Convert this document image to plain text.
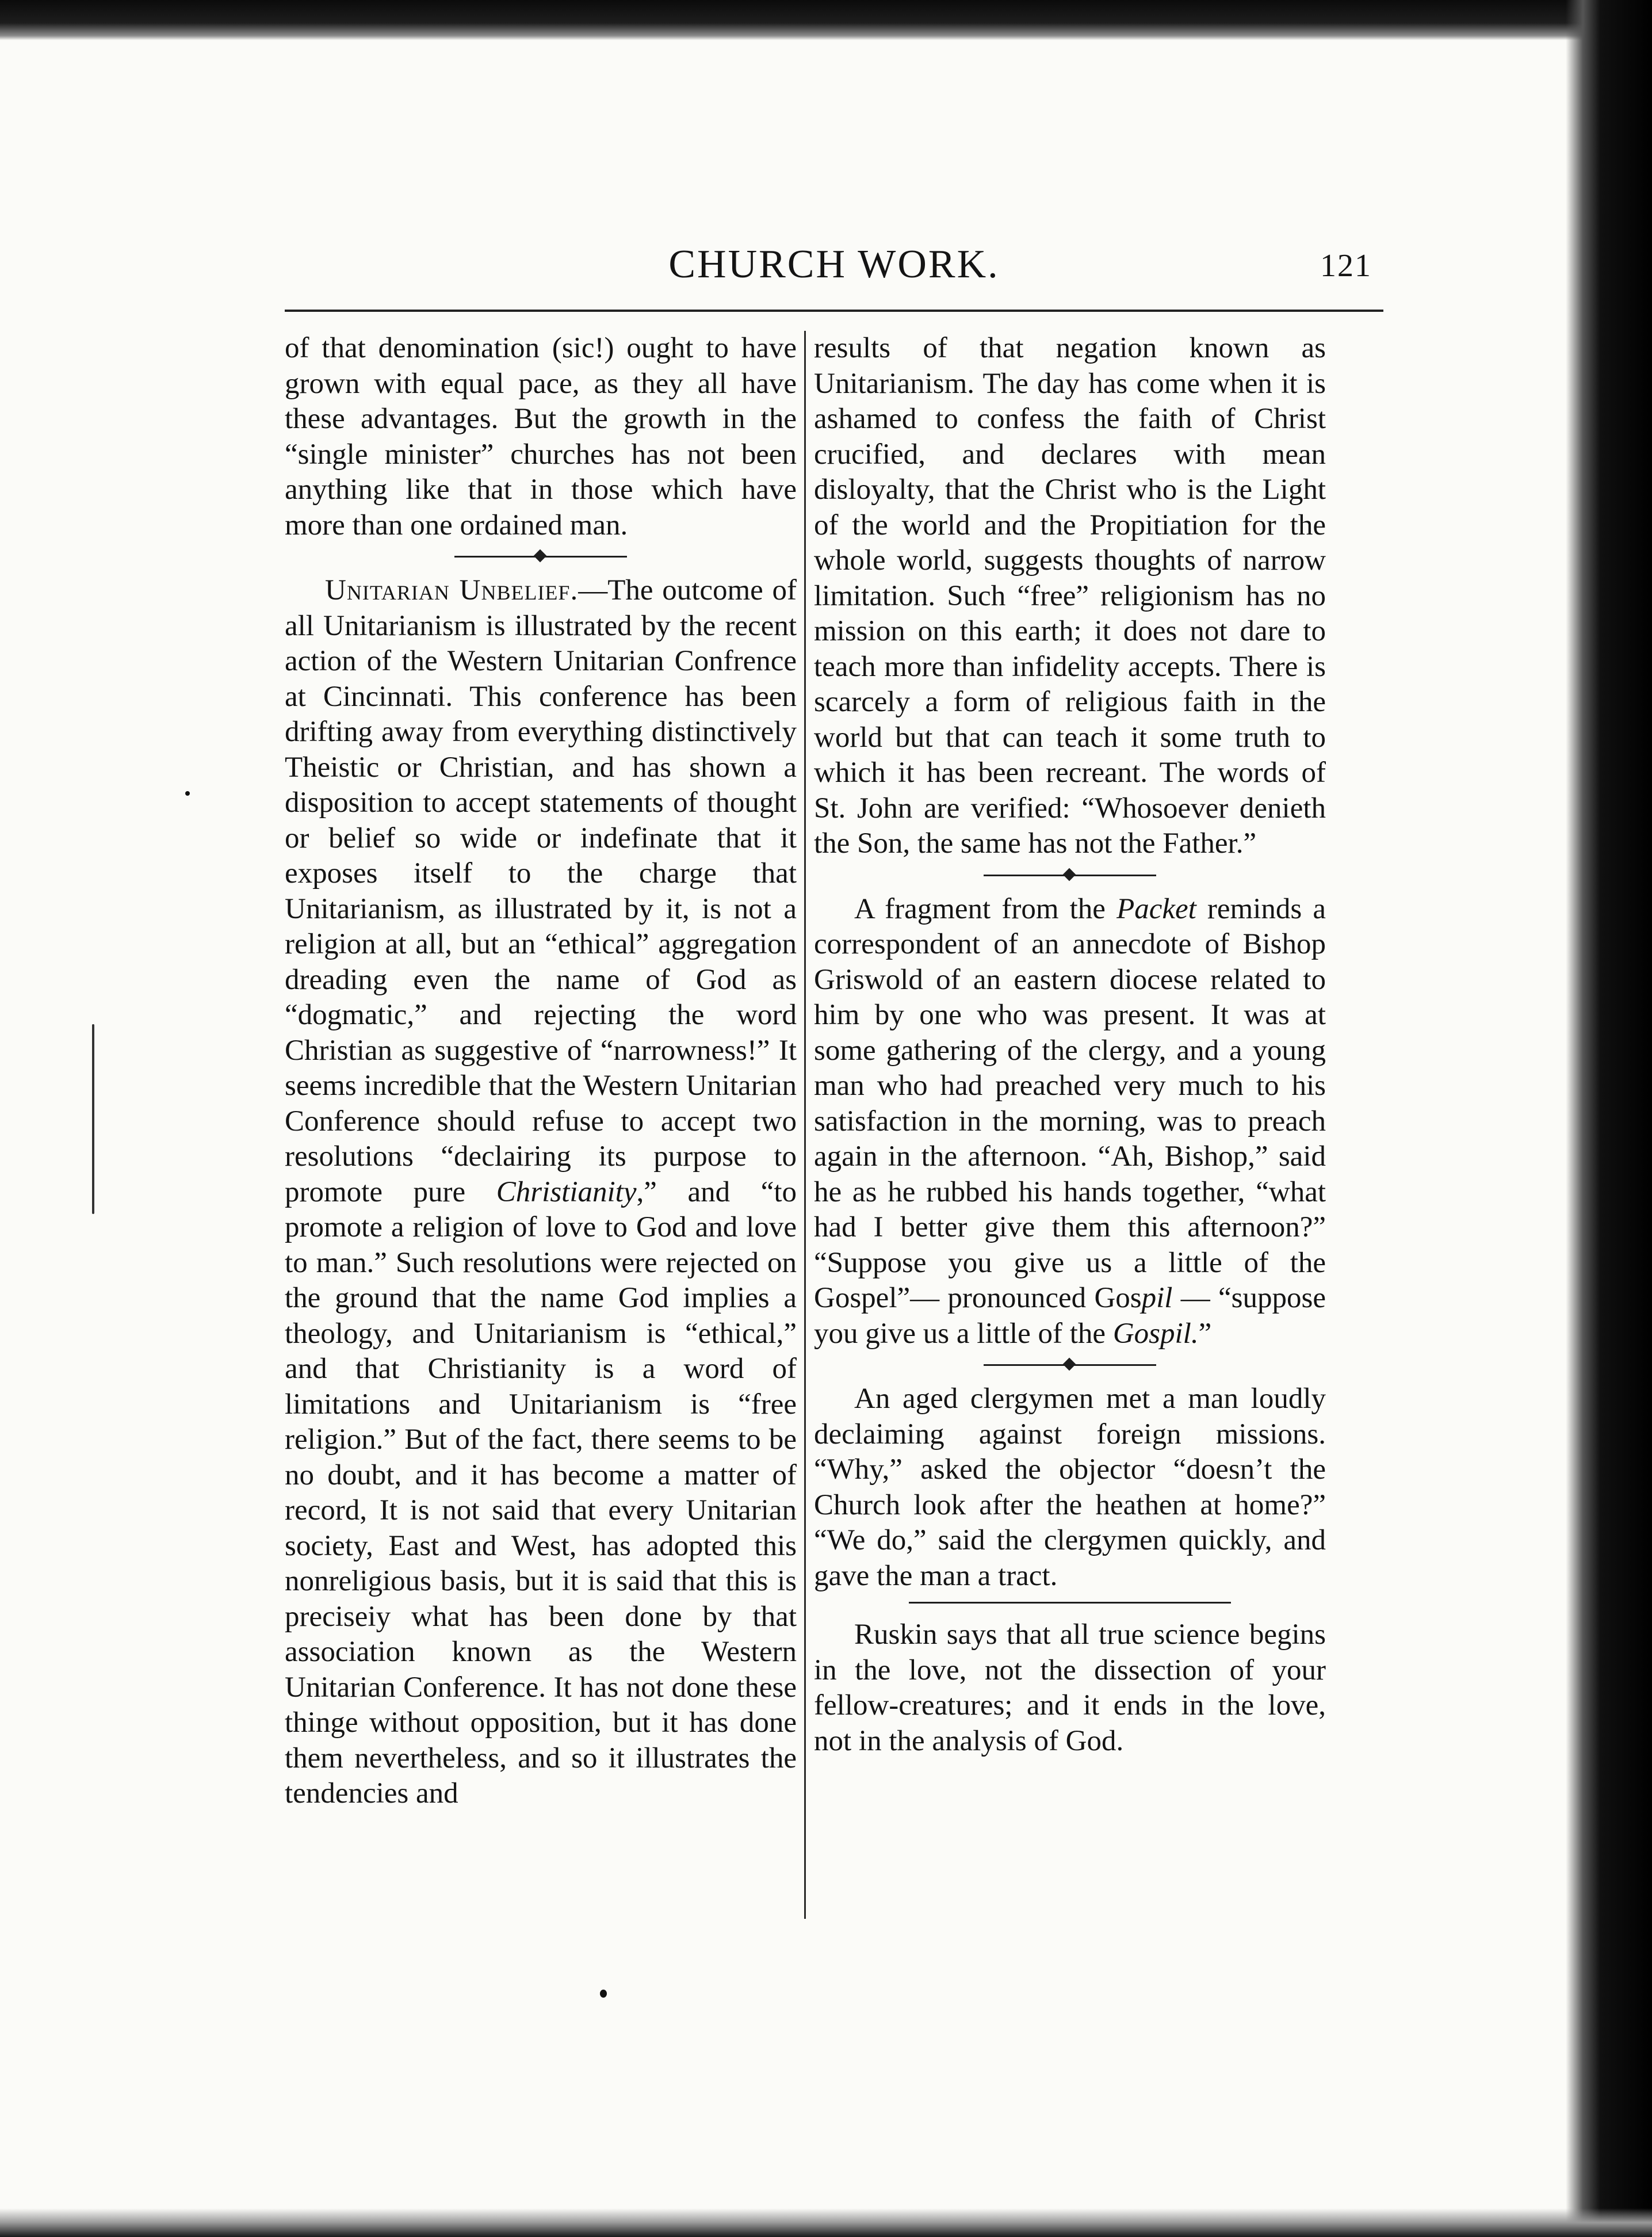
CHURCH WORK.	121

of that denomination (sic!) ought to have grown with equal pace, as they all have these advantages. But the growth in the “single minister” churches has not been anything like that in those which have more than one ordained man.

Unitarian Unbelief.—The outcome of all Unitarianism is illustrated by the recent action of the Western Unitarian Confrence at Cincinnati. This conference has been drifting away from everything distinctively Theistic or Christian, and has shown a disposition to accept statements of thought or belief so wide or indefinate that it exposes itself to the charge that Unitarianism, as illustrated by it, is not a religion at all, but an “ethical” aggregation dreading even the name of God as “dogmatic,” and rejecting the word Christian as suggestive of “narrowness!” It seems incredible that the Western Unitarian Conference should refuse to accept two resolutions “declairing its purpose to promote pure Christianity,” and “to promote a religion of love to God and love to man.” Such resolutions were rejected on the ground that the name God implies a theology, and Unitarianism is “ethical,” and that Christianity is a word of limitations and Unitarianism is “free religion.” But of the fact, there seems to be no doubt, and it has become a matter of record, It is not said that every Unitarian society, East and West, has adopted this nonreligious basis, but it is said that this is preciseiy what has been done by that association known as the Western Unitarian Conference. It has not done these thinge without opposition, but it has done them nevertheless, and so it illustrates the tendencies and

results of that negation known as Unitarianism. The day has come when it is ashamed to confess the faith of Christ crucified, and declares with mean disloyalty, that the Christ who is the Light of the world and the Propitiation for the whole world, suggests thoughts of narrow limitation. Such “free” religionism has no mission on this earth; it does not dare to teach more than infidelity accepts. There is scarcely a form of religious faith in the world but that can teach it some truth to which it has been recreant. The words of St. John are verified: “Whosoever denieth the Son, the same has not the Father.”

A fragment from the Packet reminds a correspondent of an annecdote of Bishop Griswold of an eastern diocese related to him by one who was present. It was at some gathering of the clergy, and a young man who had preached very much to his satisfaction in the morning, was to preach again in the afternoon. “Ah, Bishop,” said he as he rubbed his hands together, “what had I better give them this afternoon?” “Suppose you give us a little of the Gospel”— pronounced Gospil — “suppose you give us a little of the Gospil.”

An aged clergymen met a man loudly declaiming against foreign missions. “Why,” asked the objector “doesn’t the Church look after the heathen at home?” “We do,” said the clergymen quickly, and gave the man a tract.

Ruskin says that all true science begins in the love, not the dissection of your fellow-creatures; and it ends in the love, not in the analysis of God.
